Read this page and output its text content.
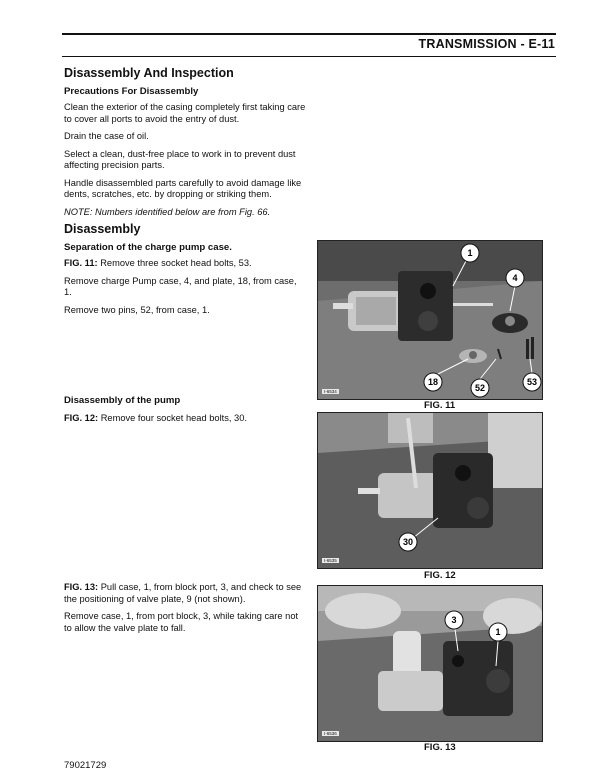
TRANSMISSION - E-11

Disassembly And Inspection

Precautions For Disassembly

Clean the exterior of the casing completely first taking care to cover all ports to avoid the entry of dust.

Drain the case of oil.

Select a clean, dust-free place to work in to prevent dust affecting precision parts.

Handle disassembled parts carefully to avoid damage like dents, scratches, etc. by dropping or striking them.

NOTE: Numbers identified below are from Fig. 66.

Disassembly

Separation of the charge pump case.

FIG. 11: Remove three socket head bolts, 53.

Remove charge Pump case, 4, and plate, 18, from case, 1.

Remove two pins, 52, from case, 1.

Disassembly of the pump

FIG. 12: Remove four socket head bolts, 30.

FIG. 13: Pull case, 1, from block port, 3, and check to see the positioning of valve plate, 9 (not shown).

Remove case, 1, from port block, 3, while taking care not to allow the valve plate to fall.

1
4
18
52
53
I-6534
FIG. 11
30
I-6535
FIG. 12
3
1
I-6536
FIG. 13
79021729
